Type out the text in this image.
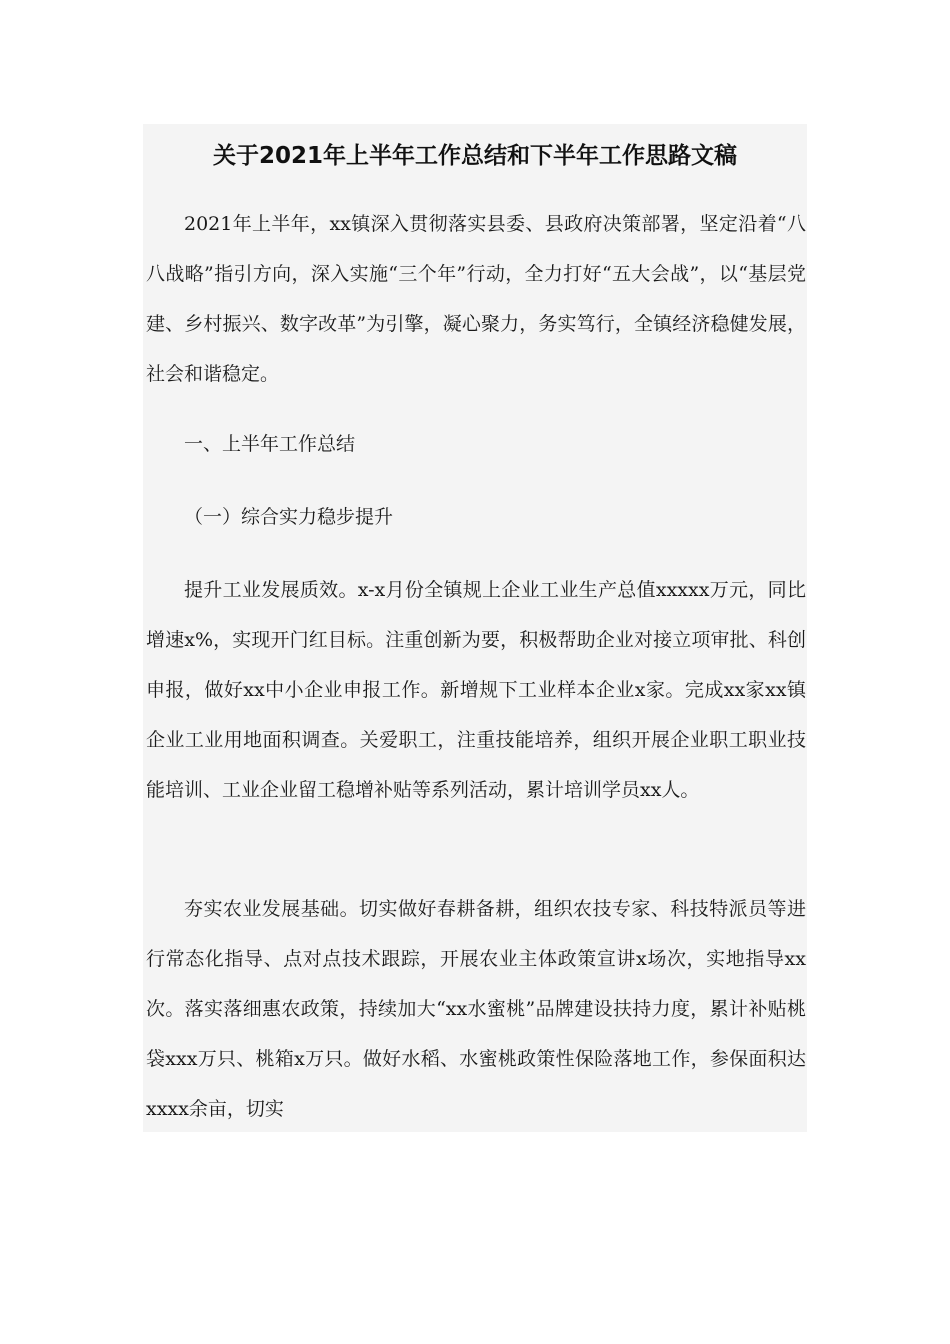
关于2021年上半年工作总结和下半年工作思路文稿

2021年上半年，xx镇深入贯彻落实县委、县政府决策部署，坚定沿着“八八战略”指引方向，深入实施“三个年”行动，全力打好“五大会战”，以“基层党建、乡村振兴、数字改革”为引擎，凝心聚力，务实笃行，全镇经济稳健发展，社会和谐稳定。

一、上半年工作总结

（一）综合实力稳步提升

提升工业发展质效。x-x月份全镇规上企业工业生产总值xxxxx万元，同比增速x%，实现开门红目标。注重创新为要，积极帮助企业对接立项审批、科创申报，做好xx中小企业申报工作。新增规下工业样本企业x家。完成xx家xx镇企业工业用地面积调查。关爱职工，注重技能培养，组织开展企业职工职业技能培训、工业企业留工稳增补贴等系列活动，累计培训学员xx人。

夯实农业发展基础。切实做好春耕备耕，组织农技专家、科技特派员等进行常态化指导、点对点技术跟踪，开展农业主体政策宣讲x场次，实地指导xx次。落实落细惠农政策，持续加大“xx水蜜桃”品牌建设扶持力度，累计补贴桃袋xxx万只、桃箱x万只。做好水稻、水蜜桃政策性保险落地工作，参保面积达xxxx余亩，切实
